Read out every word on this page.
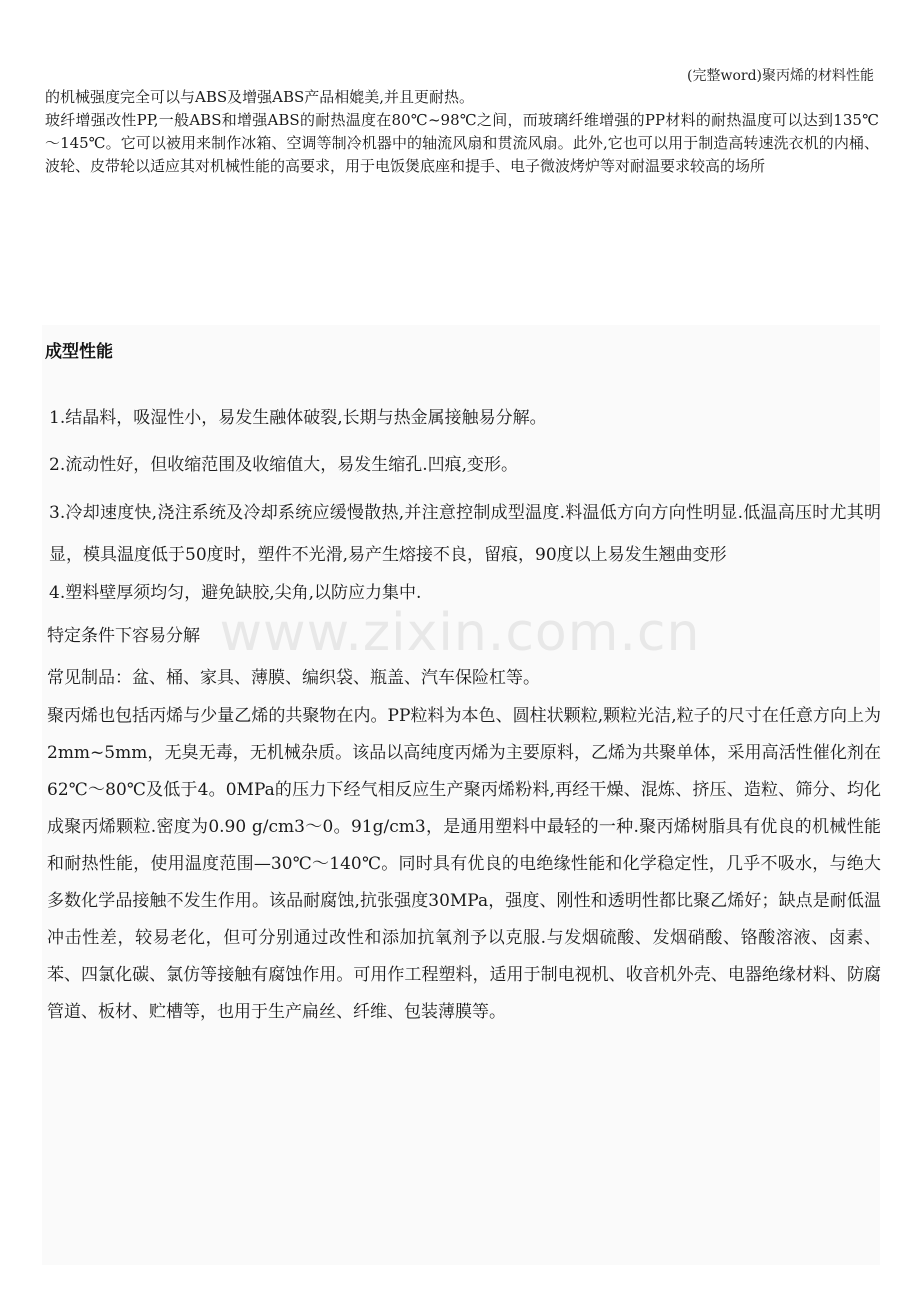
(完整word)聚丙烯的材料性能

的机械强度完全可以与ABS及增强ABS产品相媲美,并且更耐热。

玻纤增强改性PP,一般ABS和增强ABS的耐热温度在80℃~98℃之间，而玻璃纤维增强的PP材料的耐热温度可以达到135℃～145℃。它可以被用来制作冰箱、空调等制冷机器中的轴流风扇和贯流风扇。此外,它也可以用于制造高转速洗衣机的内桶、波轮、皮带轮以适应其对机械性能的高要求，用于电饭煲底座和提手、电子微波烤炉等对耐温要求较高的场所

成型性能

1.结晶料，吸湿性小，易发生融体破裂,长期与热金属接触易分解。

2.流动性好，但收缩范围及收缩值大，易发生缩孔.凹痕,变形。

3.冷却速度快,浇注系统及冷却系统应缓慢散热,并注意控制成型温度.料温低方向方向性明显.低温高压时尤其明显，模具温度低于50度时，塑件不光滑,易产生熔接不良，留痕，90度以上易发生翘曲变形

4.塑料壁厚须均匀，避免缺胶,尖角,以防应力集中.

特定条件下容易分解

常见制品：盆、桶、家具、薄膜、编织袋、瓶盖、汽车保险杠等。

聚丙烯也包括丙烯与少量乙烯的共聚物在内。PP粒料为本色、圆柱状颗粒,颗粒光洁,粒子的尺寸在任意方向上为2mm~5mm，无臭无毒，无机械杂质。该品以高纯度丙烯为主要原料，乙烯为共聚单体，采用高活性催化剂在62℃～80℃及低于4。0MPa的压力下经气相反应生产聚丙烯粉料,再经干燥、混炼、挤压、造粒、筛分、均化成聚丙烯颗粒.密度为0.90 g/cm3～0。91g/cm3，是通用塑料中最轻的一种.聚丙烯树脂具有优良的机械性能和耐热性能，使用温度范围—30℃～140℃。同时具有优良的电绝缘性能和化学稳定性，几乎不吸水，与绝大多数化学品接触不发生作用。该品耐腐蚀,抗张强度30MPa，强度、刚性和透明性都比聚乙烯好；缺点是耐低温冲击性差，较易老化，但可分别通过改性和添加抗氧剂予以克服.与发烟硫酸、发烟硝酸、铬酸溶液、卤素、苯、四氯化碳、氯仿等接触有腐蚀作用。可用作工程塑料，适用于制电视机、收音机外壳、电器绝缘材料、防腐管道、板材、贮槽等，也用于生产扁丝、纤维、包装薄膜等。
